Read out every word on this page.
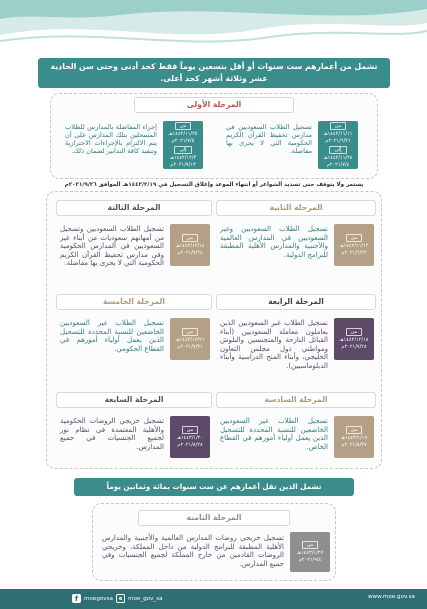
تشمل من أعمارهم ست سنوات أو أقل بتسعين يوماً فقط كحد أدنى وحتى سن الحادية عشر وثلاثة أشهر كحد أعلى.
المرحلة الأولى
من
١٤٤٢/١١/١١هـ
٢٠٢١/٦/٢١م
إلى
١٤٤٢/١١/٢٤هـ
٢٠٢١/٧/٤م
تسجيل الطلاب السعوديين في مدارس تحفيظ القرآن الكريم الحكومية التي لا يجرى بها مفاضلة.
من
١٤٤٢/١١/٢٥هـ
٢٠٢١/٧/٥م
إلى
١٤٤٢/١٢/٣هـ
٢٠٢١/٧/١٣م
إجراء المفاضلة بالمدارس للطلاب المسجلين بتلك المدارس على أن يتم الالتزام بالإجراءات الاحترازية وتنفيذ كافة التدابير لضمان ذلك.
يستمر ولا يتوقف حتى تسديد الشواغر أو انتهاء الموعد وإغلاق التسجيل في ١٤٤٣/٢/١٩هـ الموافق ٢٠٢١/٩/٢٦م
المرحلة الثانية
من
١٤٤٢/١١/١٢هـ
٢٠٢١/٦/٢٢م
تسجيل الطلاب السعوديين وغير السعوديين في المدارس العالمية والأجنبية والمدارس الأهلية المطبقة للبرامج الدولية.
المرحلة الثالثة
من
١٤٤٢/١٢/١٤هـ
٢٠٢١/٧/٢٤م
تسجيل الطلاب السعوديين وتسجيل من أمهاتهم سعوديات من أبناء غير السعوديين في المدارس الحكومية وفي مدارس تحفيظ القرآن الكريم الحكومية التي لا يجرى بها مفاضلة.
المرحلة الرابعة
من
١٤٤٢/١٢/١٨هـ
٢٠٢١/٧/٢٨م
تسجيل الطلاب غير السعوديين الذين يعاملون معاملة السعوديين (أبناء القبائل النازحة والمتجنسين والبلوش ومواطني دول مجلس التعاون الخليجي، وأبناء المنح الدراسية وأبناء الدبلوماسيين).
المرحلة الخامسة
من
١٤٤٢/١٢/٢١هـ
٢٠٢١/٧/٣١م
تسجيل الطلاب غير السعوديين الخاضعين للنسبة المحددة للتسجيل الذين يعمل أولياء أمورهم في القطاع الحكومي.
المرحلة السادسة
من
١٤٤٣/١/١٩هـ
٢٠٢١/٨/٢٧م
تسجيل الطلاب غير السعوديين الخاضعين للنسبة المحددة للتسجيل الذين يعمل أولياء أمورهم في القطاع الخاص.
المرحلة السابعة
من
١٤٤٣/١/٢٠هـ
٢٠٢١/٨/٢٨م
تسجيل خريجي الروضات الحكومية والأهلية المعتمدة في نظام نور لجميع الجنسيات في جميع المدارس.
تشمل الذين تقل أعمارهم عن ست سنوات بمائة وثمانين يوماً
المرحلة الثامنة
من
١٤٤٣/١/٢٧هـ
٢٠٢١/٩/٤م
تسجيل خريجي روضات المدارس العالمية والأجنبية والمدارس الأهلية المطبقة للبرامج الدولية من داخل المملكة، وخريجي الروضات القادمين من خارج المملكة لجميع الجنسيات وفي جميع المدارس.
f	moegovsa	moe_gov_sa	www.moe.gov.sa
